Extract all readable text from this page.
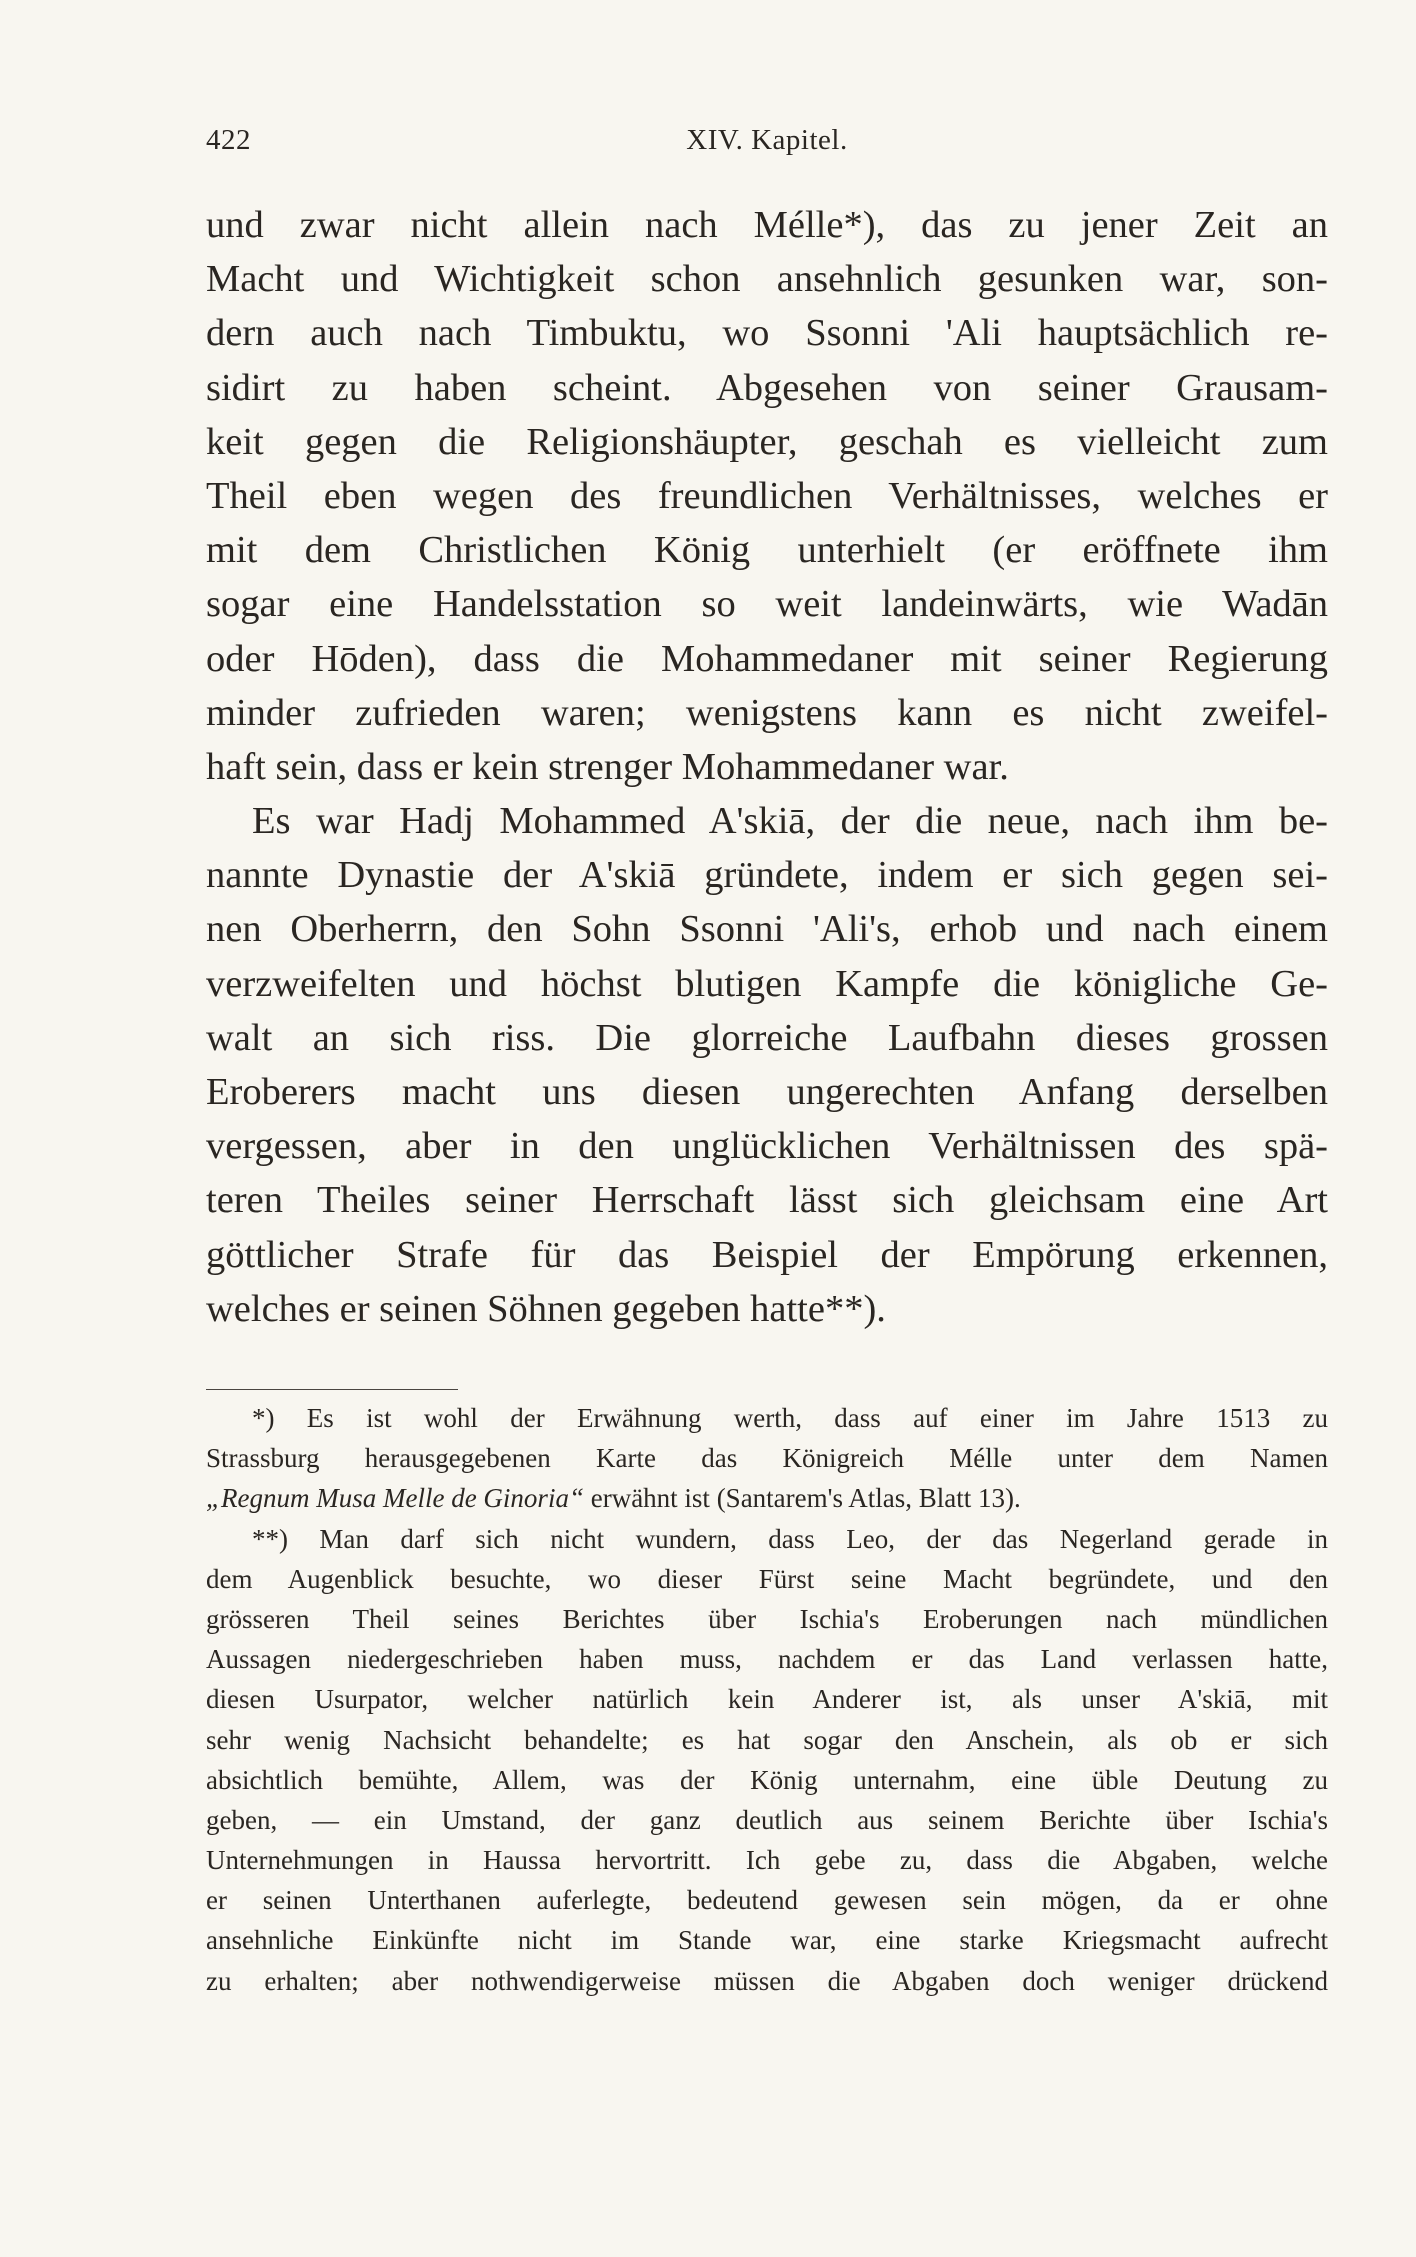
422	XIV. Kapitel.
und zwar nicht allein nach Mélle*), das zu jener Zeit an
Macht und Wichtigkeit schon ansehnlich gesunken war, son-
dern auch nach Timbuktu, wo Ssonni 'Ali hauptsächlich re-
sidirt zu haben scheint. Abgesehen von seiner Grausam-
keit gegen die Religionshäupter, geschah es vielleicht zum
Theil eben wegen des freundlichen Verhältnisses, welches er
mit dem Christlichen König unterhielt (er eröffnete ihm
sogar eine Handelsstation so weit landeinwärts, wie Wadān
oder Hōden), dass die Mohammedaner mit seiner Regierung
minder zufrieden waren; wenigstens kann es nicht zweifel-
haft sein, dass er kein strenger Mohammedaner war.
Es war Hadj Mohammed A'skiā, der die neue, nach ihm be-
nannte Dynastie der A'skiā gründete, indem er sich gegen sei-
nen Oberherrn, den Sohn Ssonni 'Ali's, erhob und nach einem
verzweifelten und höchst blutigen Kampfe die königliche Ge-
walt an sich riss. Die glorreiche Laufbahn dieses grossen
Eroberers macht uns diesen ungerechten Anfang derselben
vergessen, aber in den unglücklichen Verhältnissen des spä-
teren Theiles seiner Herrschaft lässt sich gleichsam eine Art
göttlicher Strafe für das Beispiel der Empörung erkennen,
welches er seinen Söhnen gegeben hatte**).
*) Es ist wohl der Erwähnung werth, dass auf einer im Jahre 1513 zu
Strassburg herausgegebenen Karte das Königreich Mélle unter dem Namen
„Regnum Musa Melle de Ginoria“ erwähnt ist (Santarem's Atlas, Blatt 13).
**) Man darf sich nicht wundern, dass Leo, der das Negerland gerade in
dem Augenblick besuchte, wo dieser Fürst seine Macht begründete, und den
grösseren Theil seines Berichtes über Ischia's Eroberungen nach mündlichen
Aussagen niedergeschrieben haben muss, nachdem er das Land verlassen hatte,
diesen Usurpator, welcher natürlich kein Anderer ist, als unser A'skiā, mit
sehr wenig Nachsicht behandelte; es hat sogar den Anschein, als ob er sich
absichtlich bemühte, Allem, was der König unternahm, eine üble Deutung zu
geben, — ein Umstand, der ganz deutlich aus seinem Berichte über Ischia's
Unternehmungen in Haussa hervortritt. Ich gebe zu, dass die Abgaben, welche
er seinen Unterthanen auferlegte, bedeutend gewesen sein mögen, da er ohne
ansehnliche Einkünfte nicht im Stande war, eine starke Kriegsmacht aufrecht
zu erhalten; aber nothwendigerweise müssen die Abgaben doch weniger drückend
